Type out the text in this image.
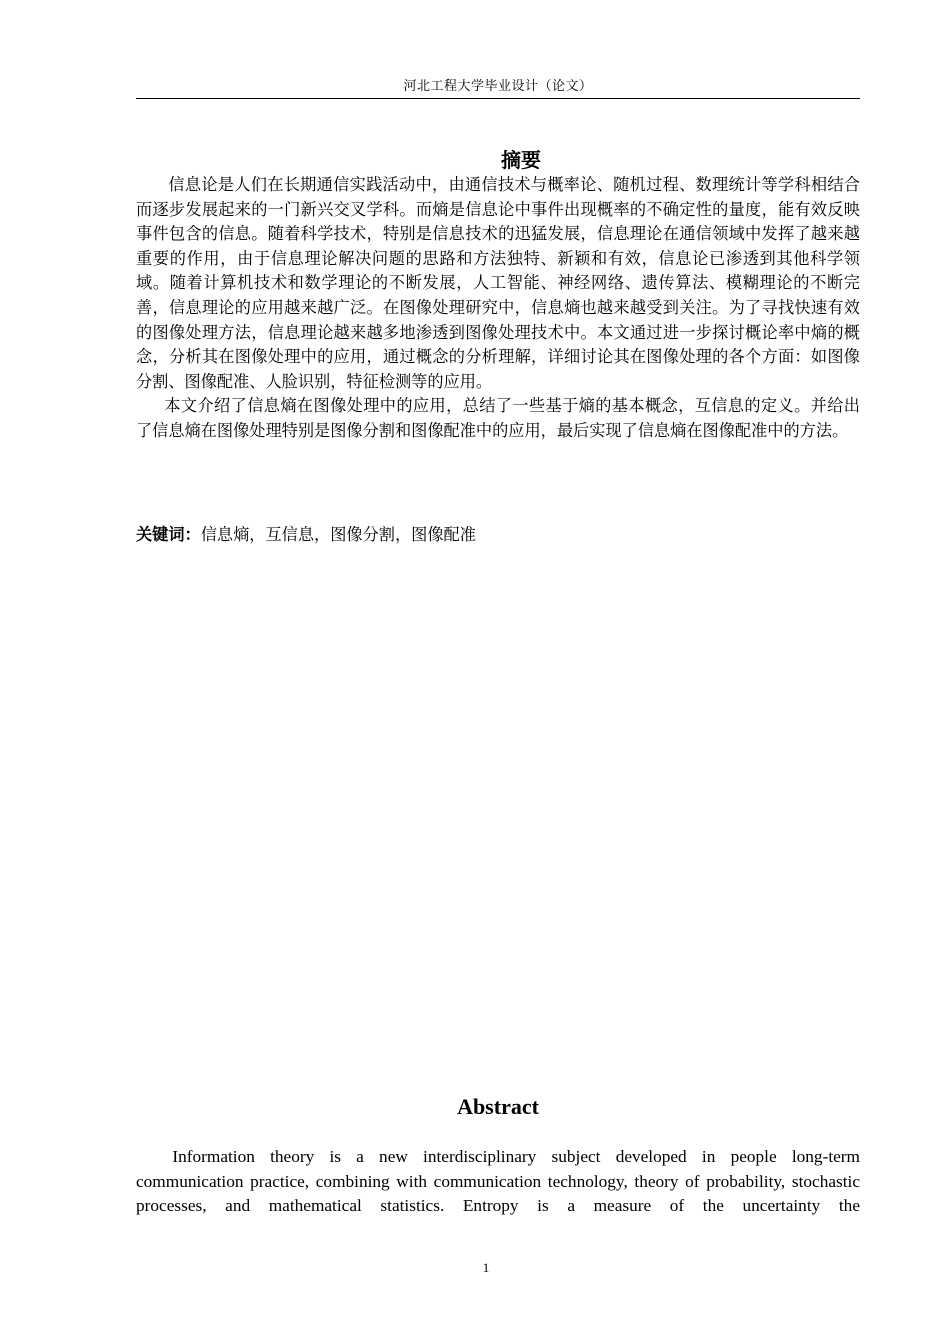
河北工程大学毕业设计（论文）
摘要

信息论是人们在长期通信实践活动中，由通信技术与概率论、随机过程、数理统计等学科相结合而逐步发展起来的一门新兴交叉学科。而熵是信息论中事件出现概率的不确定性的量度，能有效反映事件包含的信息。随着科学技术，特别是信息技术的迅猛发展，信息理论在通信领域中发挥了越来越重要的作用，由于信息理论解决问题的思路和方法独特、新颖和有效，信息论已渗透到其他科学领域。随着计算机技术和数学理论的不断发展，人工智能、神经网络、遗传算法、模糊理论的不断完善，信息理论的应用越来越广泛。在图像处理研究中，信息熵也越来越受到关注。为了寻找快速有效的图像处理方法，信息理论越来越多地渗透到图像处理技术中。本文通过进一步探讨概论率中熵的概念，分析其在图像处理中的应用，通过概念的分析理解，详细讨论其在图像处理的各个方面：如图像分割、图像配准、人脸识别，特征检测等的应用。

本文介绍了信息熵在图像处理中的应用，总结了一些基于熵的基本概念，互信息的定义。并给出了信息熵在图像处理特别是图像分割和图像配准中的应用，最后实现了信息熵在图像配准中的方法。

关键词：信息熵，互信息，图像分割，图像配准
Abstract

Information theory is a new interdisciplinary subject developed in people long-term communication practice, combining with communication technology, theory of probability, stochastic processes, and mathematical statistics. Entropy is a measure of the uncertainty the

1
